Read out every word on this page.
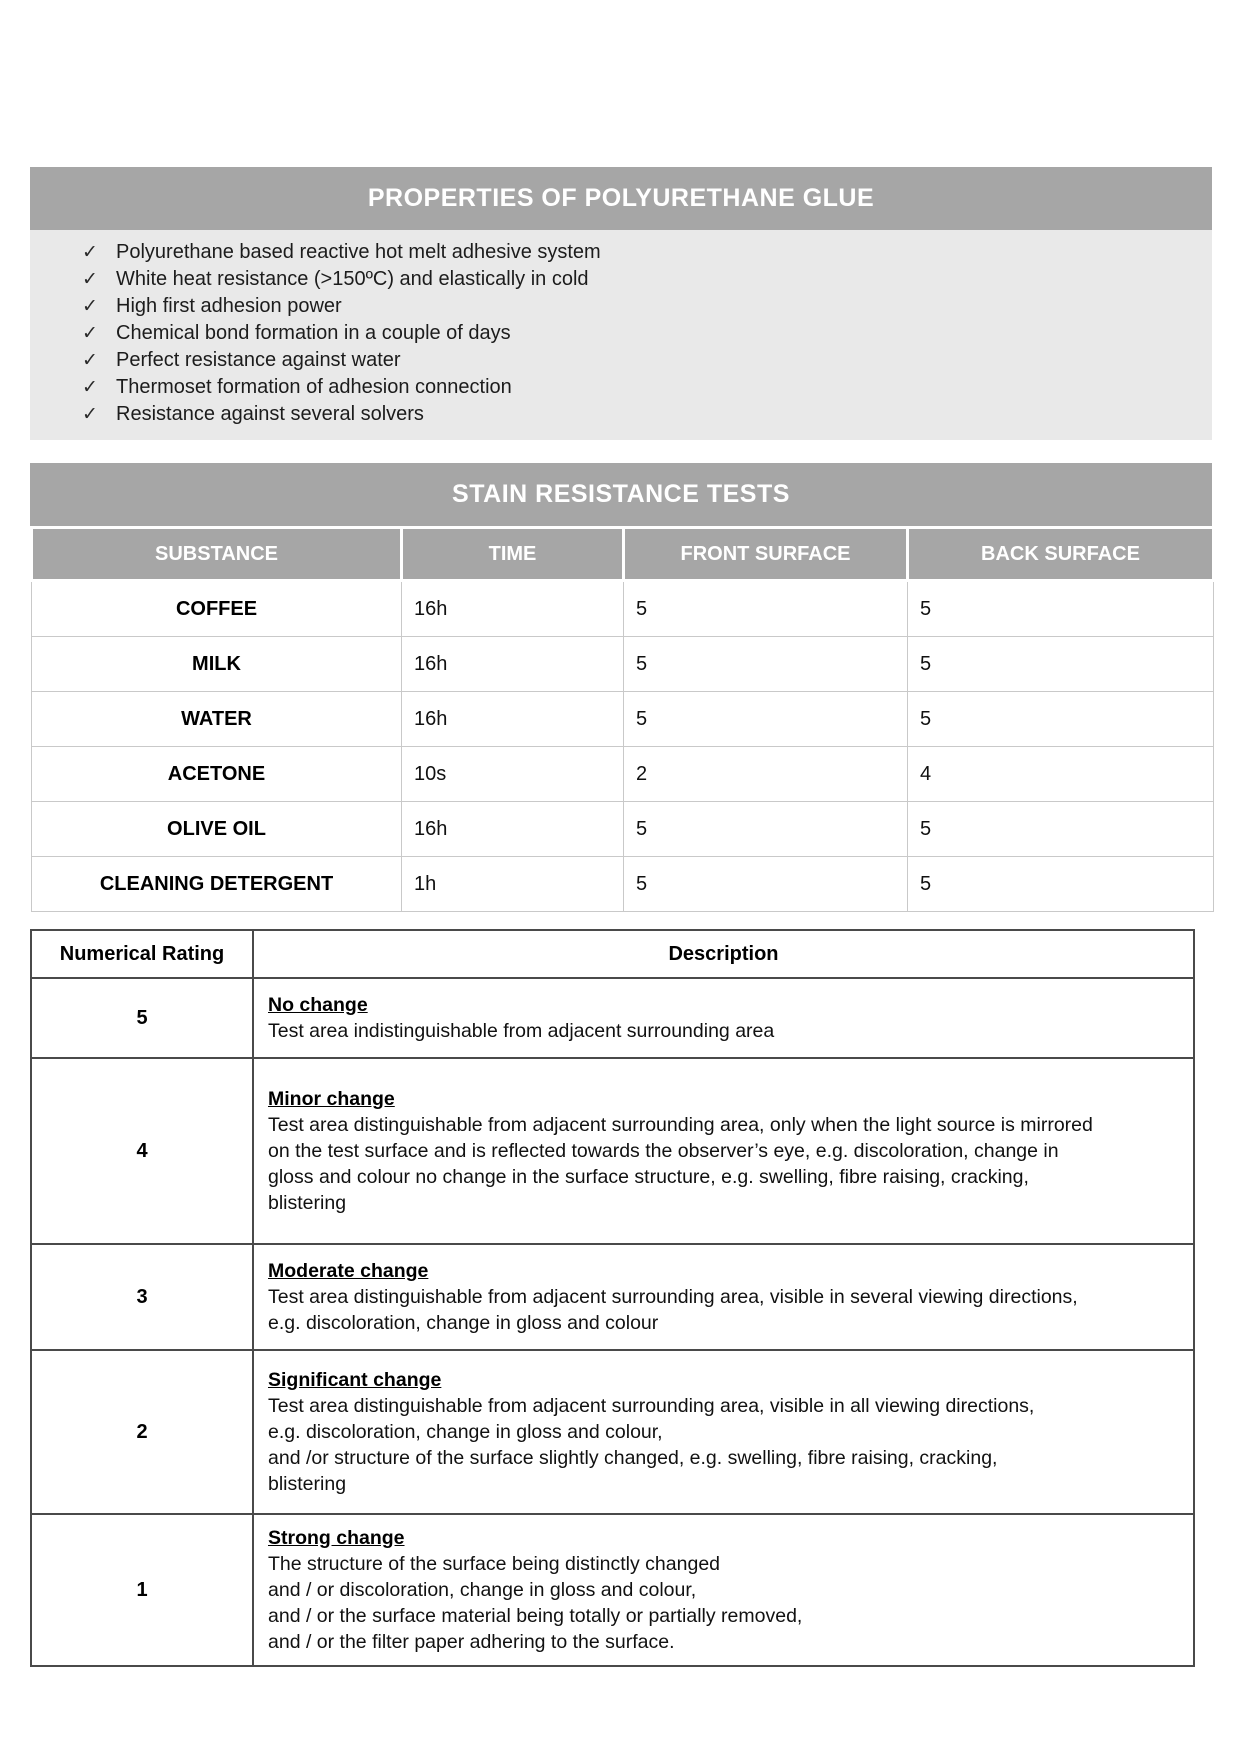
PROPERTIES OF POLYURETHANE GLUE
✓ Polyurethane based reactive hot melt adhesive system
✓ White heat resistance (>150ºC) and elastically in cold
✓ High first adhesion power
✓ Chemical bond formation in a couple of days
✓ Perfect resistance against water
✓ Thermoset formation of adhesion connection
✓ Resistance against several solvers
STAIN RESISTANCE TESTS
SUBSTANCE	TIME	FRONT SURFACE	BACK SURFACE
COFFEE	16h	5	5
MILK	16h	5	5
WATER	16h	5	5
ACETONE	10s	2	4
OLIVE OIL	16h	5	5
CLEANING DETERGENT	1h	5	5
Numerical Rating	Description
5	No change
Test area indistinguishable from adjacent surrounding area

4	Minor change
Test area distinguishable from adjacent surrounding area, only when the light source is mirrored on the test surface and is reflected towards the observer’s eye, e.g. discoloration, change in gloss and colour no change in the surface structure, e.g. swelling, fibre raising, cracking, blistering

3	Moderate change
Test area distinguishable from adjacent surrounding area, visible in several viewing directions, e.g. discoloration, change in gloss and colour

2	Significant change
Test area distinguishable from adjacent surrounding area, visible in all viewing directions,
e.g. discoloration, change in gloss and colour,
and /or structure of the surface slightly changed, e.g. swelling, fibre raising, cracking,
blistering

1	Strong change
The structure of the surface being distinctly changed
and / or discoloration, change in gloss and colour,
and / or the surface material being totally or partially removed,
and / or the filter paper adhering to the surface.
